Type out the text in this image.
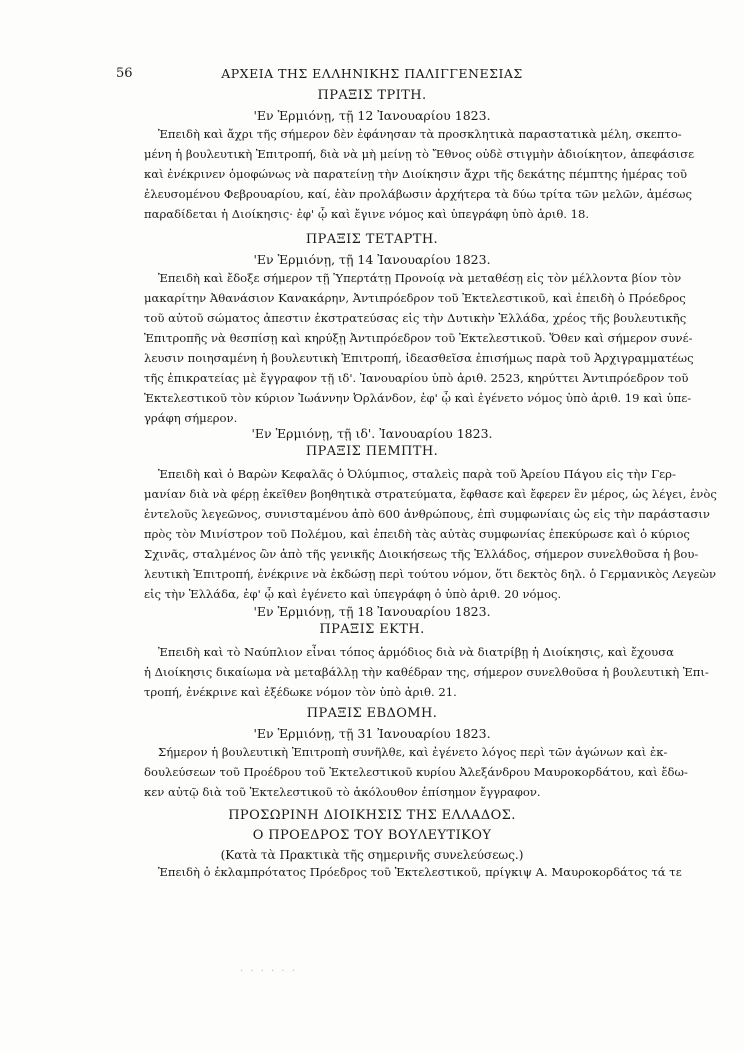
56	ΑΡΧΕΙΑ ΤΗΣ ΕΛΛΗΝΙΚΗΣ ΠΑΛΙΓΓΕΝΕΣΙΑΣ
ΠΡΑΞΙΣ ΤΡΙΤΗ.
'Εν Ἑρμιόνῃ, τῇ 12 Ἰανουαρίου 1823.
Ἐπειδὴ καὶ ἄχρι τῆς σήμερον δὲν ἐφάνησαν τὰ προσκλητικὰ παραστατικὰ μέλη, σκεπτο-
μένη ἡ βουλευτικὴ Ἐπιτροπή, διὰ νὰ μὴ μείνῃ τὸ Ἔθνος οὐδὲ στιγμὴν ἀδιοίκητον, ἀπεφάσισε
καὶ ἐνέκρινεν ὁμοφώνως νὰ παρατείνῃ τὴν Διοίκησιν ἄχρι τῆς δεκάτης πέμπτης ἡμέρας τοῦ
ἐλευσομένου Φεβρουαρίου, καί, ἐὰν προλάβωσιν ἀρχήτερα τὰ δύω τρίτα τῶν μελῶν, ἀμέσως
παραδίδεται ἡ Διοίκησις· ἐφ' ᾧ καὶ ἔγινε νόμος καὶ ὑπεγράφη ὑπὸ ἀριθ. 18.
ΠΡΑΞΙΣ ΤΕΤΑΡΤΗ.
'Εν Ἑρμιόνῃ, τῇ 14 Ἰανουαρίου 1823.
Ἐπειδὴ καὶ ἔδοξε σήμερον τῇ Ὑπερτάτῃ Προνοίᾳ νὰ μεταθέσῃ εἰς τὸν μέλλοντα βίον τὸν
μακαρίτην Ἀθανάσιον Κανακάρην, Ἀντιπρόεδρον τοῦ Ἐκτελεστικοῦ, καὶ ἐπειδὴ ὁ Πρόεδρος
τοῦ αὐτοῦ σώματος ἀπεστιν ἐκστρατεύσας εἰς τὴν Δυτικὴν Ἑλλάδα, χρέος τῆς βουλευτικῆς
Ἐπιτροπῆς νὰ θεσπίσῃ καὶ κηρύξῃ Ἀντιπρόεδρον τοῦ Ἐκτελεστικοῦ. Ὅθεν καὶ σήμερον συνέ-
λευσιν ποιησαμένη ἡ βουλευτικὴ Ἐπιτροπή, ἰδεασθεῖσα ἐπισήμως παρὰ τοῦ Ἀρχιγραμματέως
τῆς ἐπικρατείας μὲ ἔγγραφον τῇ ιδ'. Ἰανουαρίου ὑπὸ ἀριθ. 2523, κηρύττει Ἀντιπρόεδρον τοῦ
Ἐκτελεστικοῦ τὸν κύριον Ἰωάννην Ὀρλάνδον, ἐφ' ᾧ καὶ ἐγένετο νόμος ὑπὸ ἀριθ. 19 καὶ ὑπε-
γράφη σήμερον.
'Εν Ἑρμιόνῃ, τῇ ιδ'. Ἰανουαρίου 1823.
ΠΡΑΞΙΣ ΠΕΜΠΤΗ.
Ἐπειδὴ καὶ ὁ Βαρὼν Κεφαλᾶς ὁ Ὀλύμπιος, σταλεὶς παρὰ τοῦ Ἀρείου Πάγου εἰς τὴν Γερ-
μανίαν διὰ νὰ φέρῃ ἐκεῖθεν βοηθητικὰ στρατεύματα, ἔφθασε καὶ ἔφερεν ἓν μέρος, ὡς λέγει, ἑνὸς
ἐντελοῦς λεγεῶνος, συνισταμένου ἀπὸ 600 ἀνθρώπους, ἐπὶ συμφωνίαις ὡς εἰς τὴν παράστασιν
πρὸς τὸν Μινίστρον τοῦ Πολέμου, καὶ ἐπειδὴ τὰς αὐτὰς συμφωνίας ἐπεκύρωσε καὶ ὁ κύριος
Σχινᾶς, σταλμένος ὢν ἀπὸ τῆς γενικῆς Διοικήσεως τῆς Ἑλλάδος, σήμερον συνελθοῦσα ἡ βου-
λευτικὴ Ἐπιτροπή, ἐνέκρινε νὰ ἐκδώσῃ περὶ τούτου νόμον, ὅτι δεκτὸς δηλ. ὁ Γερμανικὸς Λεγεὼν
εἰς τὴν Ἑλλάδα, ἐφ' ᾧ καὶ ἐγένετο καὶ ὑπεγράφη ὁ ὑπὸ ἀριθ. 20 νόμος.
'Εν Ἑρμιόνῃ, τῇ 18 Ἰανουαρίου 1823.
ΠΡΑΞΙΣ ΕΚΤΗ.
Ἐπειδὴ καὶ τὸ Ναύπλιον εἶναι τόπος ἁρμόδιος διὰ νὰ διατρίβῃ ἡ Διοίκησις, καὶ ἔχουσα
ἡ Διοίκησις δικαίωμα νὰ μεταβάλλῃ τὴν καθέδραν της, σήμερον συνελθοῦσα ἡ βουλευτικὴ Ἐπι-
τροπή, ἐνέκρινε καὶ ἐξέδωκε νόμον τὸν ὑπὸ ἀριθ. 21.
ΠΡΑΞΙΣ ΕΒΔΟΜΗ.
'Εν Ἑρμιόνῃ, τῇ 31 Ἰανουαρίου 1823.
Σήμερον ἡ βουλευτικὴ Ἐπιτροπὴ συνῆλθε, καὶ ἐγένετο λόγος περὶ τῶν ἀγώνων καὶ ἐκ-
δουλεύσεων τοῦ Προέδρου τοῦ Ἐκτελεστικοῦ κυρίου Ἀλεξάνδρου Μαυροκορδάτου, καὶ ἔδω-
κεν αὐτῷ διὰ τοῦ Ἐκτελεστικοῦ τὸ ἀκόλουθον ἐπίσημον ἔγγραφον.
ΠΡΟΣΩΡΙΝΗ ΔΙΟΙΚΗΣΙΣ ΤΗΣ ΕΛΛΑΔΟΣ.
Ο ΠΡΟΕΔΡΟΣ ΤΟΥ ΒΟΥΛΕΥΤΙΚΟΥ
(Κατὰ τὰ Πρακτικὰ τῆς σημερινῆς συνελεύσεως.)
Ἐπειδὴ ὁ ἐκλαμπρότατος Πρόεδρος τοῦ Ἐκτελεστικοῦ, πρίγκιψ Α. Μαυροκορδάτος τά τε
· · · · · ·
